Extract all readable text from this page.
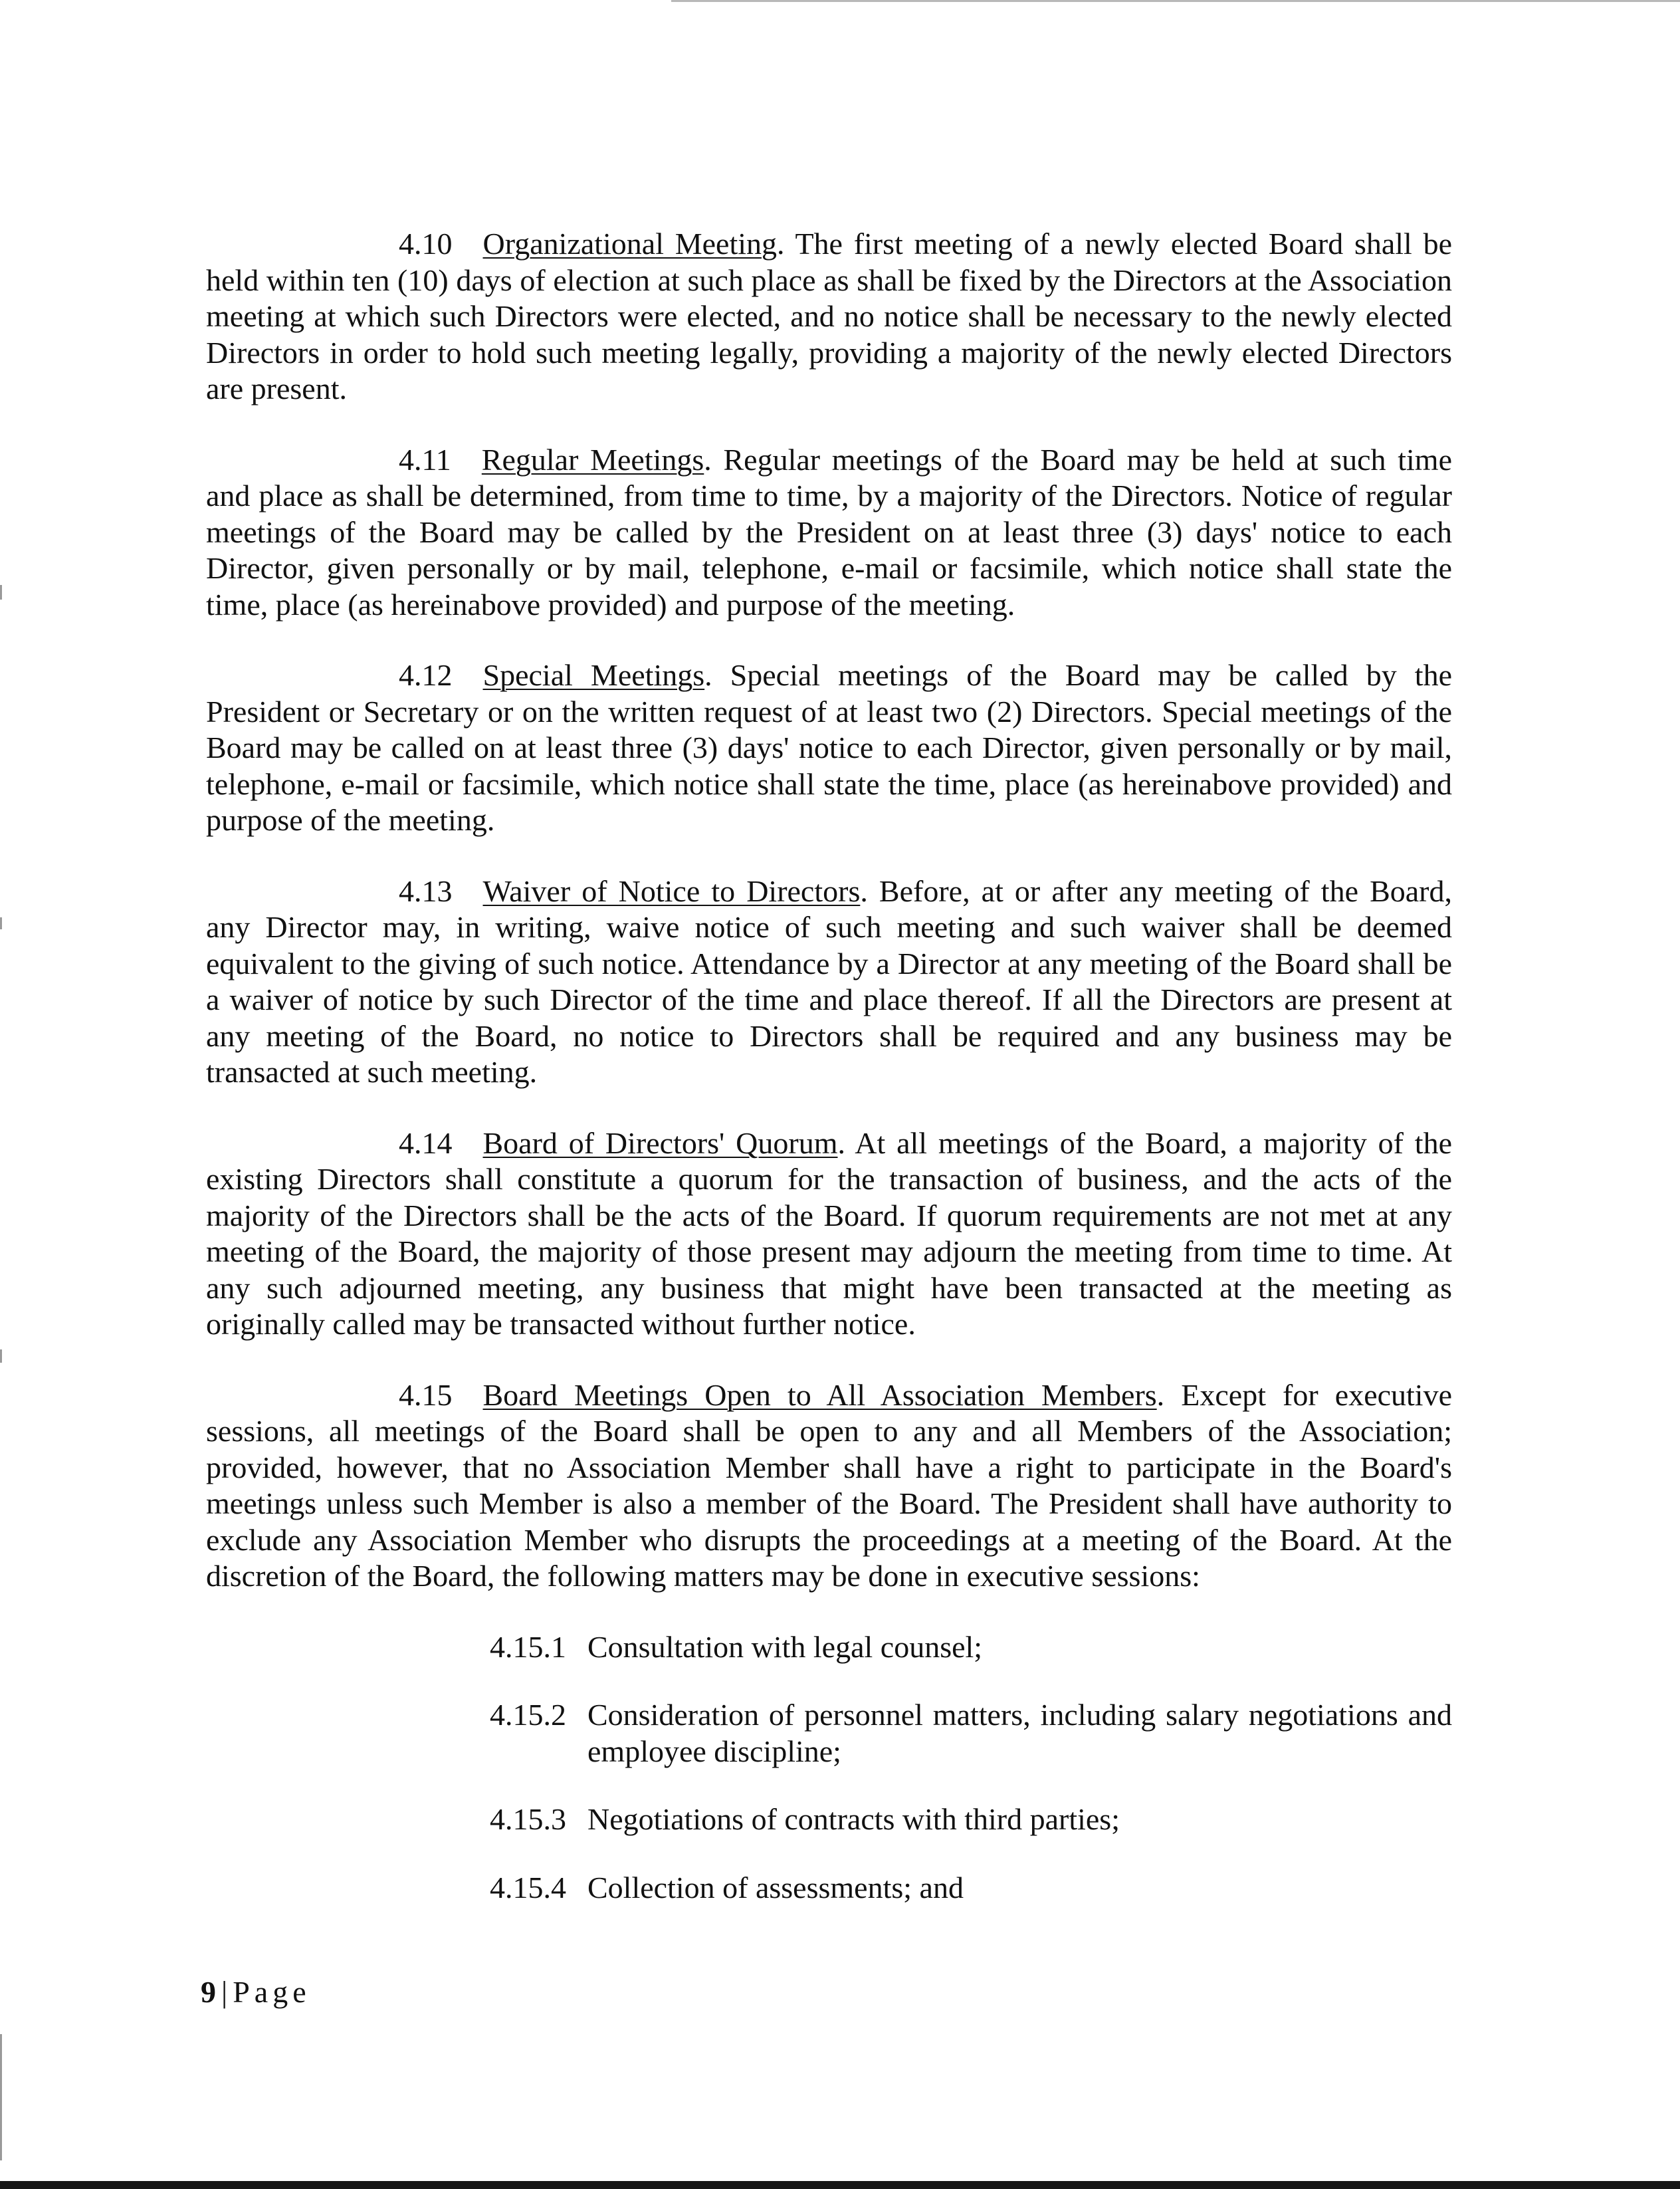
4.10 Organizational Meeting. The first meeting of a newly elected Board shall be held within ten (10) days of election at such place as shall be fixed by the Directors at the Association meeting at which such Directors were elected, and no notice shall be necessary to the newly elected Directors in order to hold such meeting legally, providing a majority of the newly elected Directors are present.

4.11 Regular Meetings. Regular meetings of the Board may be held at such time and place as shall be determined, from time to time, by a majority of the Directors. Notice of regular meetings of the Board may be called by the President on at least three (3) days' notice to each Director, given personally or by mail, telephone, e-mail or facsimile, which notice shall state the time, place (as hereinabove provided) and purpose of the meeting.

4.12 Special Meetings. Special meetings of the Board may be called by the President or Secretary or on the written request of at least two (2) Directors. Special meetings of the Board may be called on at least three (3) days' notice to each Director, given personally or by mail, telephone, e-mail or facsimile, which notice shall state the time, place (as hereinabove provided) and purpose of the meeting.

4.13 Waiver of Notice to Directors. Before, at or after any meeting of the Board, any Director may, in writing, waive notice of such meeting and such waiver shall be deemed equivalent to the giving of such notice. Attendance by a Director at any meeting of the Board shall be a waiver of notice by such Director of the time and place thereof. If all the Directors are present at any meeting of the Board, no notice to Directors shall be required and any business may be transacted at such meeting.

4.14 Board of Directors' Quorum. At all meetings of the Board, a majority of the existing Directors shall constitute a quorum for the transaction of business, and the acts of the majority of the Directors shall be the acts of the Board. If quorum requirements are not met at any meeting of the Board, the majority of those present may adjourn the meeting from time to time. At any such adjourned meeting, any business that might have been transacted at the meeting as originally called may be transacted without further notice.

4.15 Board Meetings Open to All Association Members. Except for executive sessions, all meetings of the Board shall be open to any and all Members of the Association; provided, however, that no Association Member shall have a right to participate in the Board's meetings unless such Member is also a member of the Board. The President shall have authority to exclude any Association Member who disrupts the proceedings at a meeting of the Board. At the discretion of the Board, the following matters may be done in executive sessions:

4.15.1 Consultation with legal counsel;
4.15.2 Consideration of personnel matters, including salary negotiations and employee discipline;
4.15.3 Negotiations of contracts with third parties;
4.15.4 Collection of assessments; and
9 | Page
